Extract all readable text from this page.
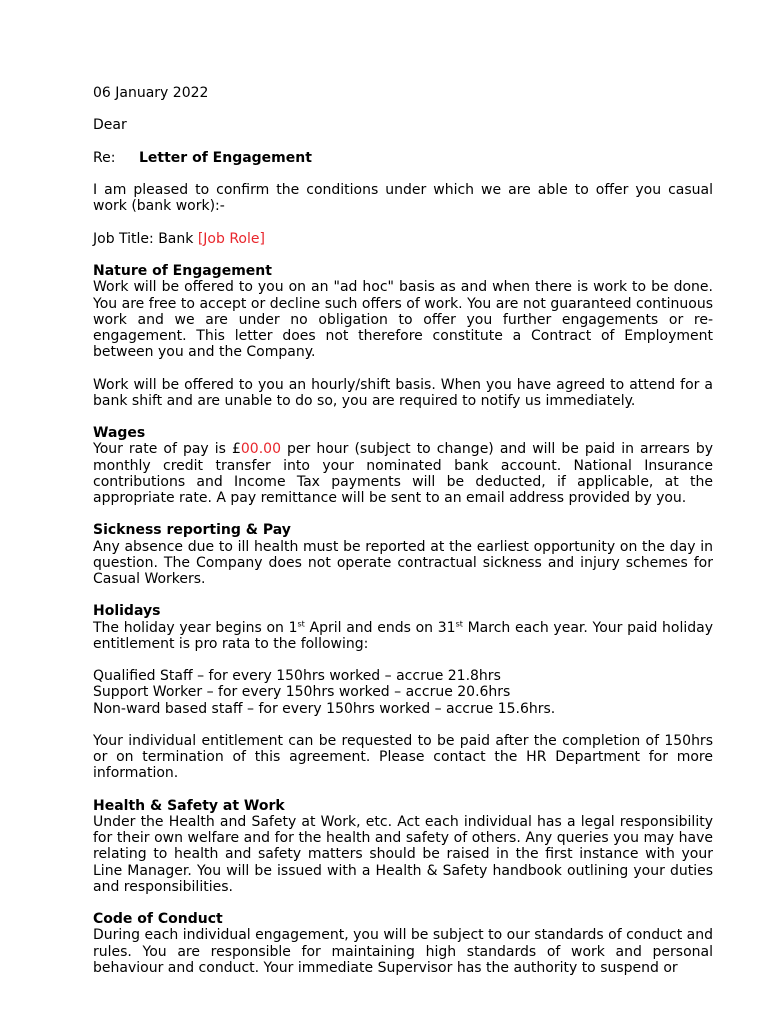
06 January 2022

Dear

Re: Letter of Engagement

I am pleased to confirm the conditions under which we are able to offer you casual work (bank work):-

Job Title: Bank [Job Role]

Nature of Engagement

Work will be offered to you on an "ad hoc" basis as and when there is work to be done. You are free to accept or decline such offers of work. You are not guaranteed continuous work and we are under no obligation to offer you further engagements or re-engagement. This letter does not therefore constitute a Contract of Employment between you and the Company.

Work will be offered to you an hourly/shift basis. When you have agreed to attend for a bank shift and are unable to do so, you are required to notify us immediately.

Wages

Your rate of pay is £00.00 per hour (subject to change) and will be paid in arrears by monthly credit transfer into your nominated bank account. National Insurance contributions and Income Tax payments will be deducted, if applicable, at the appropriate rate. A pay remittance will be sent to an email address provided by you.

Sickness reporting & Pay

Any absence due to ill health must be reported at the earliest opportunity on the day in question. The Company does not operate contractual sickness and injury schemes for Casual Workers.

Holidays

The holiday year begins on 1st April and ends on 31st March each year. Your paid holiday entitlement is pro rata to the following:

Qualified Staff – for every 150hrs worked – accrue 21.8hrs

Support Worker – for every 150hrs worked – accrue 20.6hrs

Non-ward based staff – for every 150hrs worked – accrue 15.6hrs.

Your individual entitlement can be requested to be paid after the completion of 150hrs or on termination of this agreement. Please contact the HR Department for more information.

Health & Safety at Work

Under the Health and Safety at Work, etc. Act each individual has a legal responsibility for their own welfare and for the health and safety of others. Any queries you may have relating to health and safety matters should be raised in the first instance with your Line Manager. You will be issued with a Health & Safety handbook outlining your duties and responsibilities.

Code of Conduct

During each individual engagement, you will be subject to our standards of conduct and rules. You are responsible for maintaining high standards of work and personal behaviour and conduct. Your immediate Supervisor has the authority to suspend or
